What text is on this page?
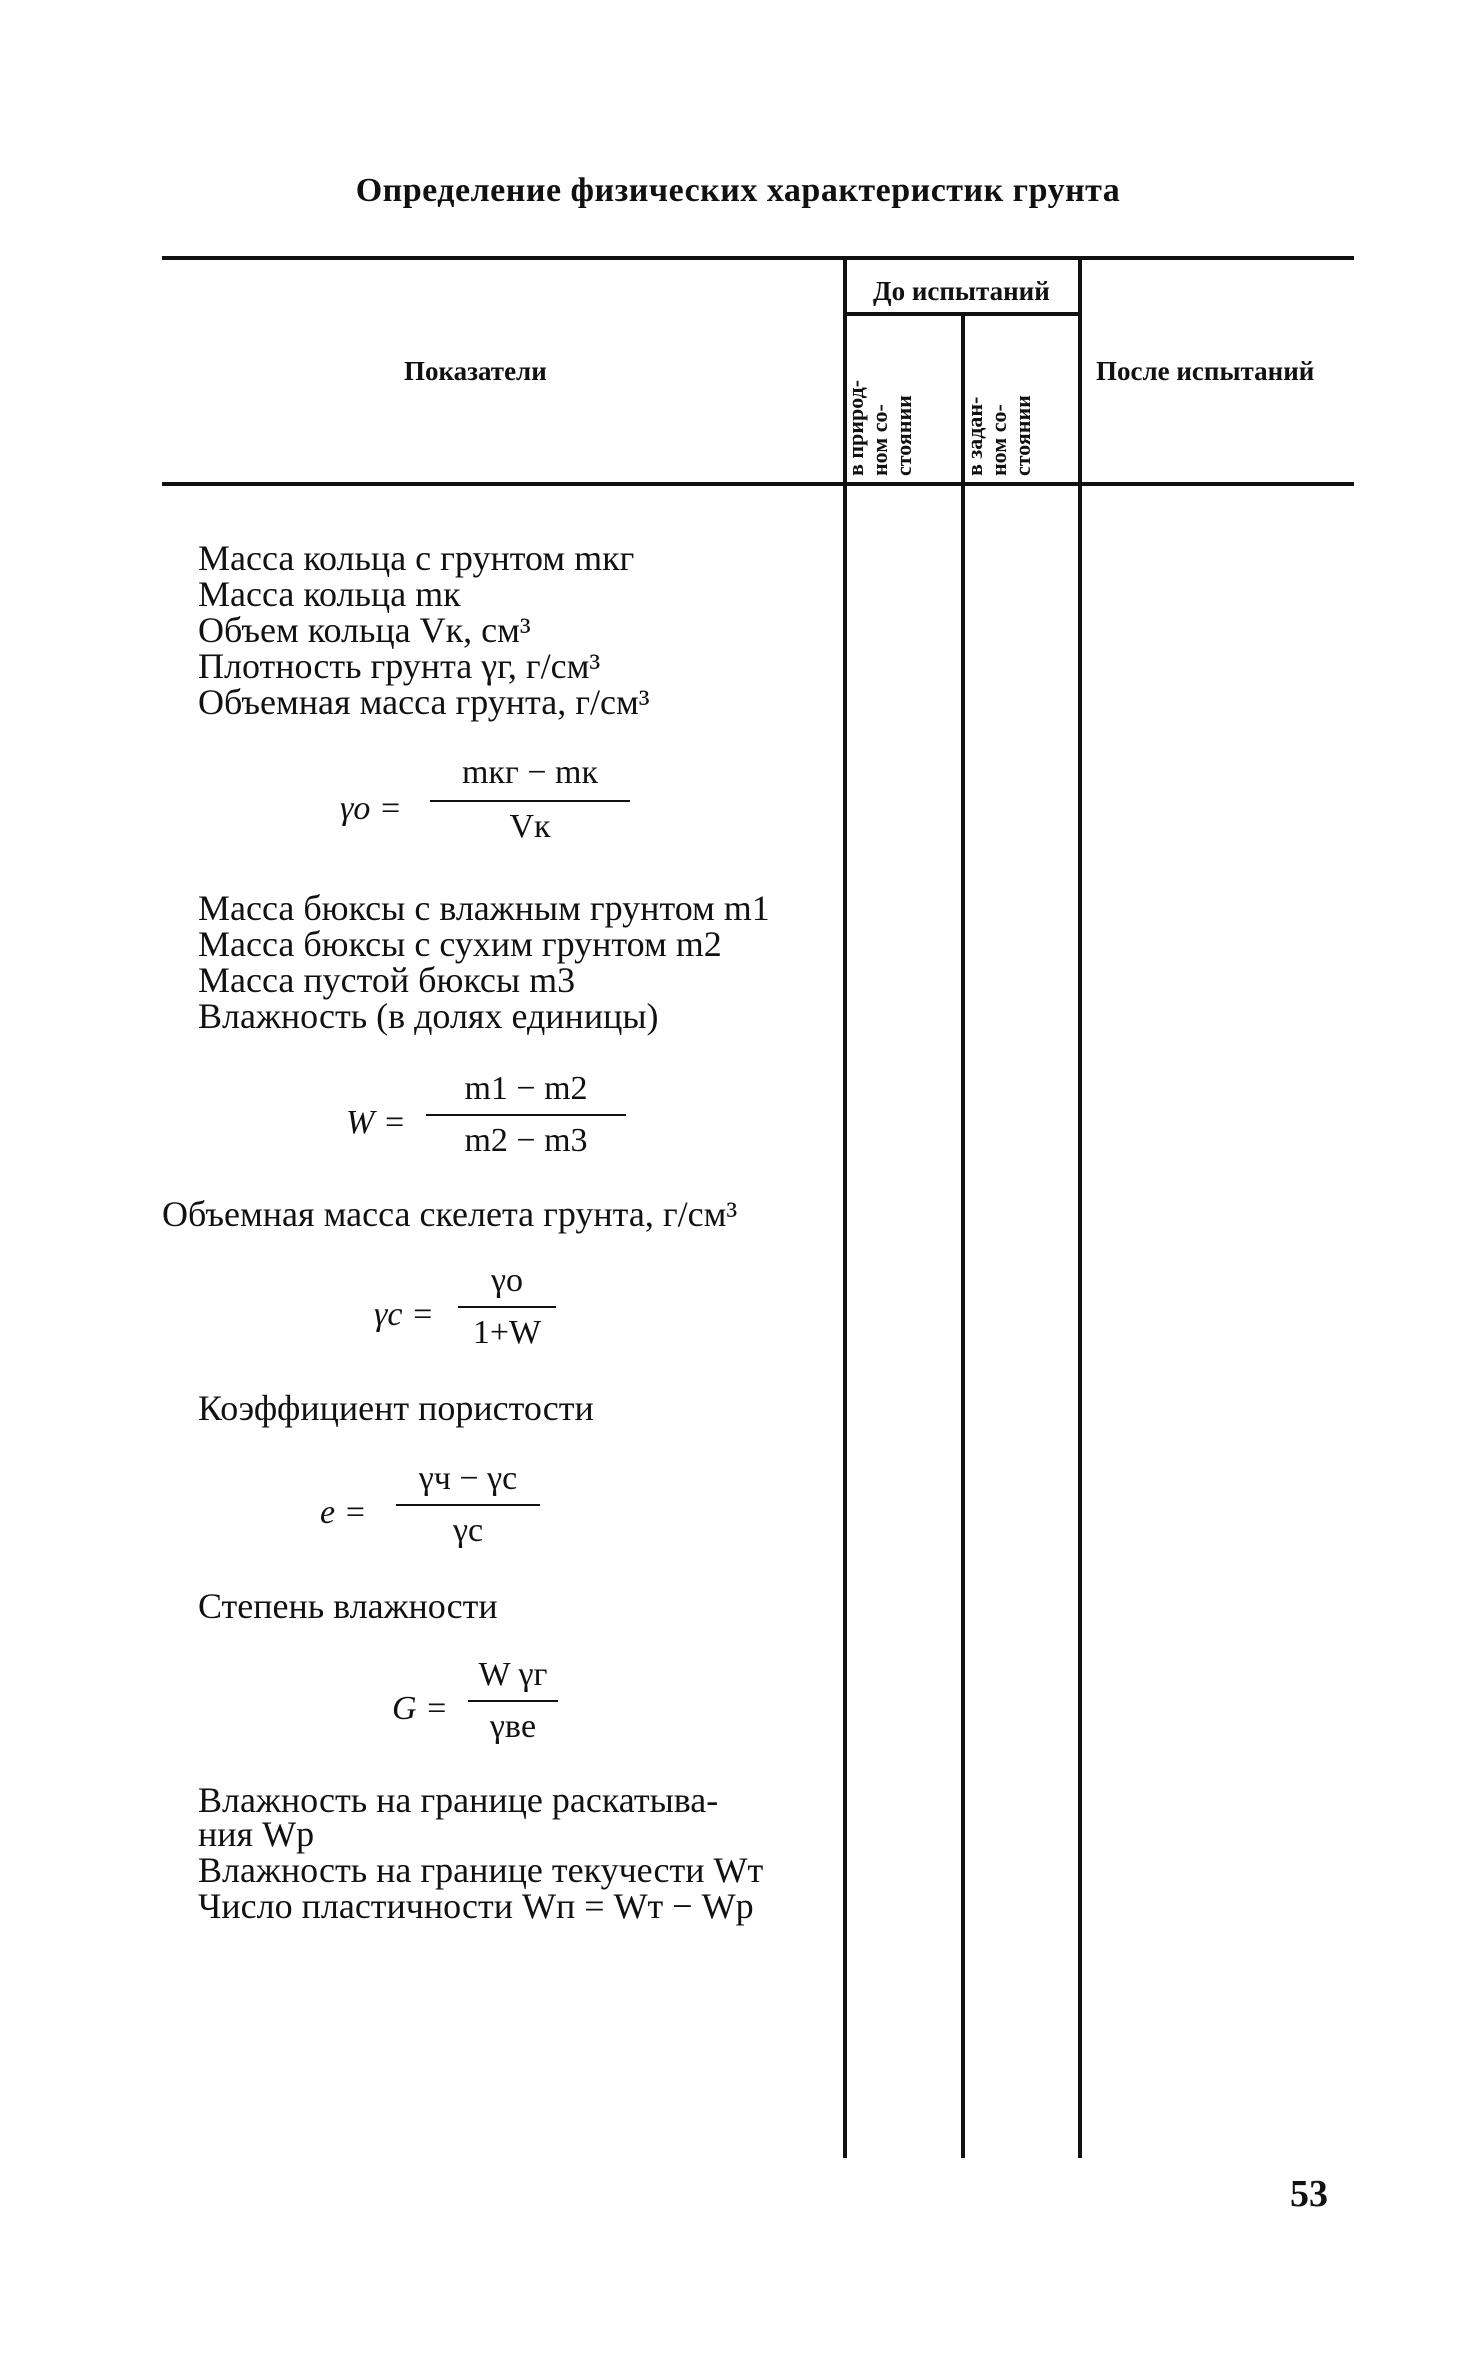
Определение физических характеристик грунта
Показатели
До испытаний
в природ- ном со- стоянии в задан- ном со- стоянии
После испытаний
Масса кольца с грунтом mкг
Масса кольца mк
Объем кольца Vк, см³
Плотность грунта γг, г/см³
Объемная масса грунта, г/см³
γо =
mкг − mк
Vк
Масса бюксы с влажным грунтом m1
Масса бюксы с сухим грунтом m2
Масса пустой бюксы m3
Влажность (в долях единицы)
W =
m1 − m2
m2 − m3
Объемная масса скелета грунта, г/см³
γс =
γо
1+W
Коэффициент пористости
e =
γч − γс
γс
Степень влажности
G =
W γг
γвe
Влажность на границе раскатыва-
ния Wр
Влажность на границе текучести Wт
Число пластичности Wп = Wт − Wр
53
